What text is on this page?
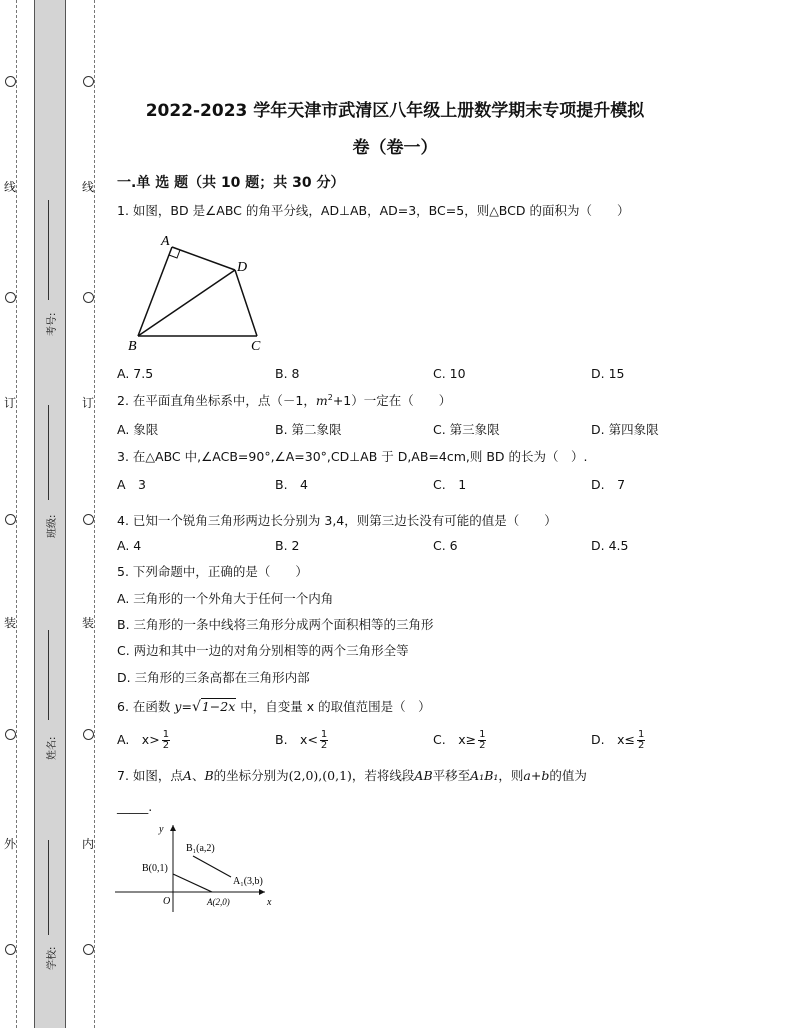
线
订
装
外
线
订
装
内
考号:
班级:
姓名:
学校:
2022-2023 学年天津市武清区八年级上册数学期末专项提升模拟
卷（卷一）
一.单 选 题（共 10 题；共 30 分）
1. 如图，BD 是∠ABC 的角平分线，AD⊥AB，AD=3，BC=5，则△BCD 的面积为（　　）
A
D
B	C
A. 7.5	B. 8	C. 10	D. 15
2. 在平面直角坐标系中，点（－1，$m^2+1$）一定在（　　）
A. 象限	B. 第二象限	C. 第三象限	D. 第四象限
3. 在△ABC 中,∠ACB=90°,∠A=30°,CD⊥AB 于 D,AB=4cm,则 BD 的长为（　）.
A　3	B.　4	C.　1	D.　7
4. 已知一个锐角三角形两边长分别为 3,4，则第三边长没有可能的值是（　　）
A. 4	B. 2	C. 6	D. 4.5
5. 下列命题中，正确的是（　　）
A. 三角形的一个外角大于任何一个内角
B. 三角形的一条中线将三角形分成两个面积相等的三角形
C. 两边和其中一边的对角分别相等的两个三角形全等
D. 三角形的三条高都在三角形内部
6. 在函数 y=√1−2x 中，自变量 x 的取值范围是（　）
A.　$x> \frac{1}{2}$	B.　$x< \frac{1}{2}$	C.　$x\ge \frac{1}{2}$	D.　$x\le \frac{1}{2}$
7. 如图，点A、B的坐标分别为(2,0),(0,1)，若将线段AB平移至A₁B₁，则a+b的值为
_____.
y
x
O
B(0,1)
A(2,0)
B₁(a,2)
A₁(3,b)
